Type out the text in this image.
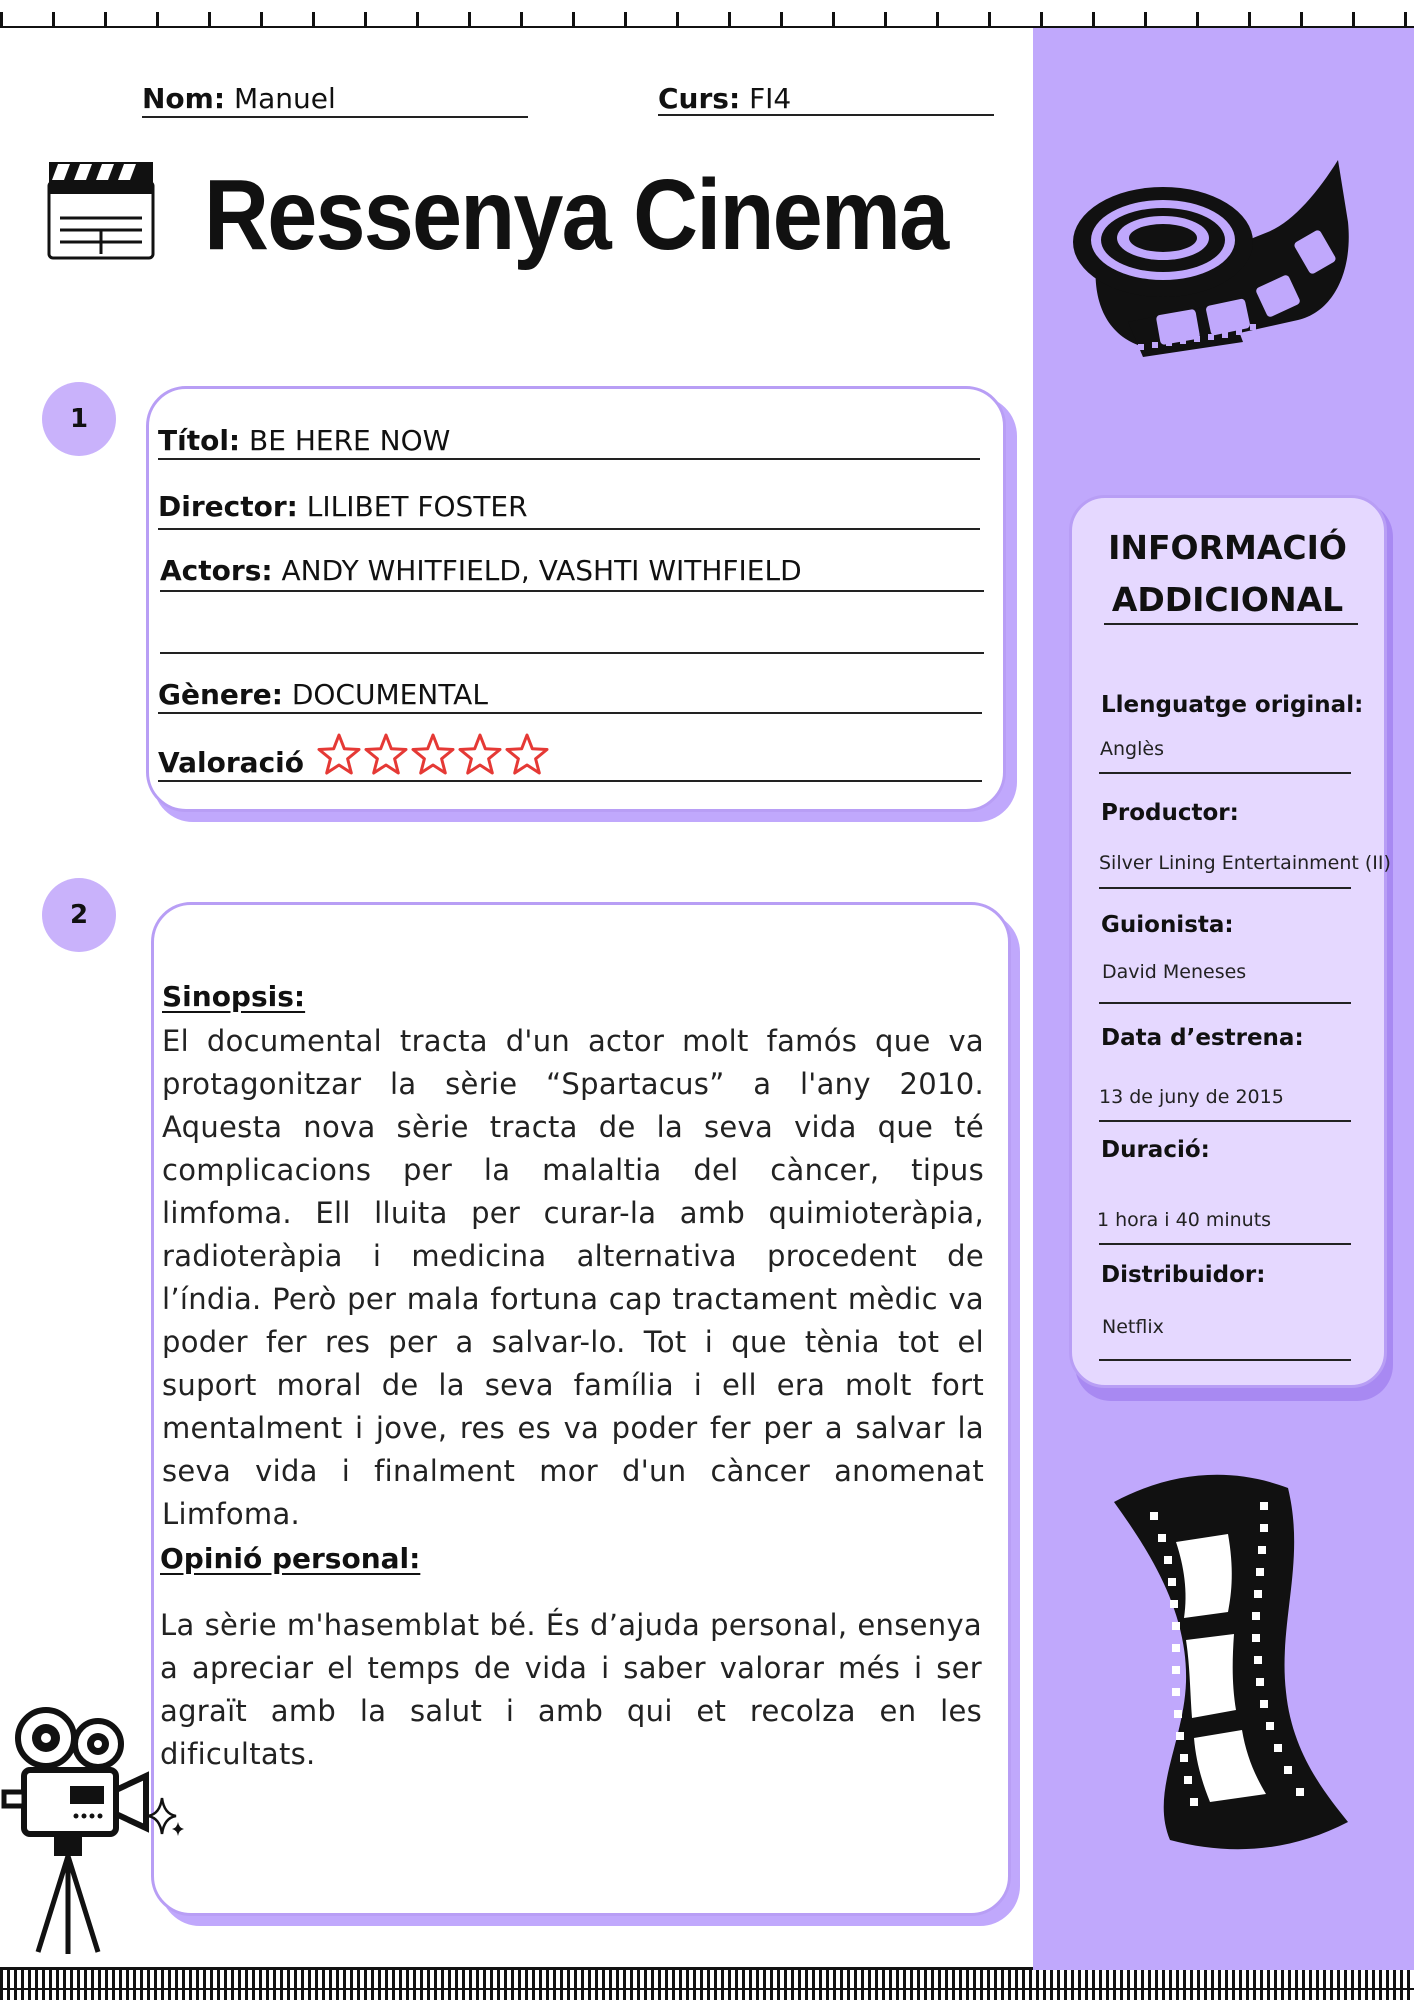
Nom: Manuel	Curs: FI4
Ressenya Cinema
1
Títol: BE HERE NOW
Director: LILIBET FOSTER
Actors: ANDY WHITFIELD, VASHTI WITHFIELD
Gènere: DOCUMENTAL
Valoració
2
Sinopsis:
El documental tracta d'un actor molt famós que va protagonitzar la sèrie “Spartacus” a l'any 2010. Aquesta nova sèrie tracta de la seva vida que té complicacions per la malaltia del càncer, tipus limfoma. Ell lluita per curar-la amb quimioteràpia, radioteràpia i medicina alternativa procedent de l’índia. Però per mala fortuna cap tractament mèdic va poder fer res per a salvar-lo. Tot i que tènia tot el suport moral de la seva família i ell era molt fort mentalment i jove, res es va poder fer per a salvar la seva vida i finalment mor d'un càncer anomenat Limfoma.
Opinió personal:
La sèrie m'hasemblat bé. És d’ajuda personal, ensenya a apreciar el temps de vida i saber valorar més i ser agraït amb la salut i amb qui et recolza en les dificultats.
INFORMACIÓ
ADDICIONAL
Llenguatge original:
Anglès
Productor:
Silver Lining Entertainment (II)
Guionista:
David Meneses
Data d’estrena:
13 de juny de 2015
Duració:
1 hora i 40 minuts
Distribuidor:
Netflix
